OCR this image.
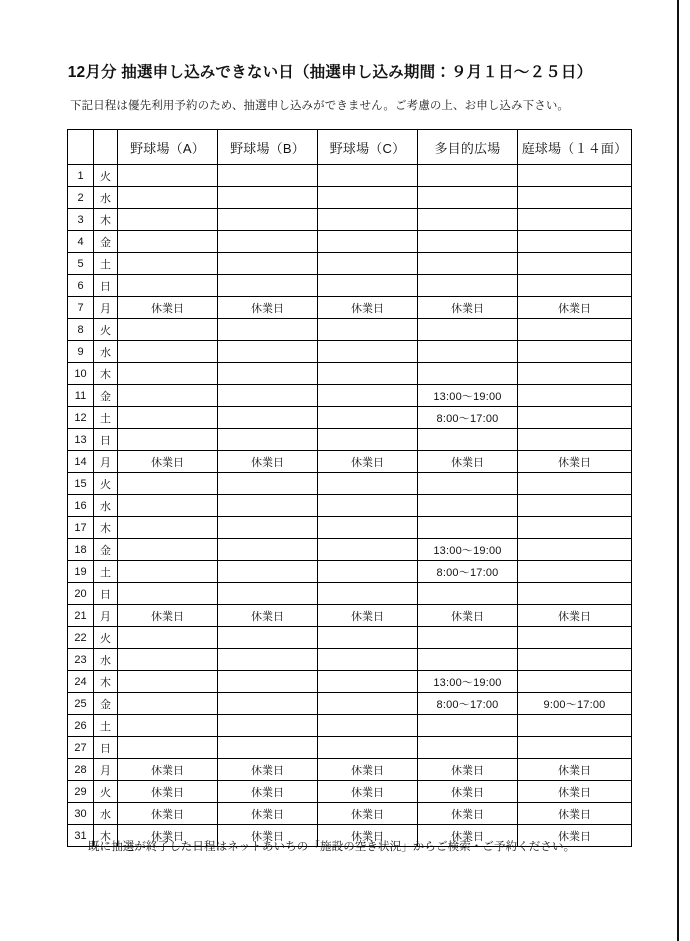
12月分 抽選申し込みできない日（抽選申し込み期間：９月１日〜２５日）
下記日程は優先利用予約のため、抽選申し込みができません。ご考慮の上、お申し込み下さい。
		野球場（A）	野球場（B）	野球場（C）	多目的広場	庭球場（１４面）
1	火					
2	水					
3	木					
4	金					
5	土					
6	日					
7	月	休業日	休業日	休業日	休業日	休業日
8	火					
9	水					
10	木					
11	金				13:00〜19:00	
12	土				8:00〜17:00	
13	日					
14	月	休業日	休業日	休業日	休業日	休業日
15	火					
16	水					
17	木					
18	金				13:00〜19:00	
19	土				8:00〜17:00	
20	日					
21	月	休業日	休業日	休業日	休業日	休業日
22	火					
23	水					
24	木				13:00〜19:00	
25	金				8:00〜17:00	9:00〜17:00
26	土					
27	日					
28	月	休業日	休業日	休業日	休業日	休業日
29	火	休業日	休業日	休業日	休業日	休業日
30	水	休業日	休業日	休業日	休業日	休業日
31	木	休業日	休業日	休業日	休業日	休業日
既に抽選が終了した日程はネットあいちの「施設の空き状況」からご検索・ご予約ください。
